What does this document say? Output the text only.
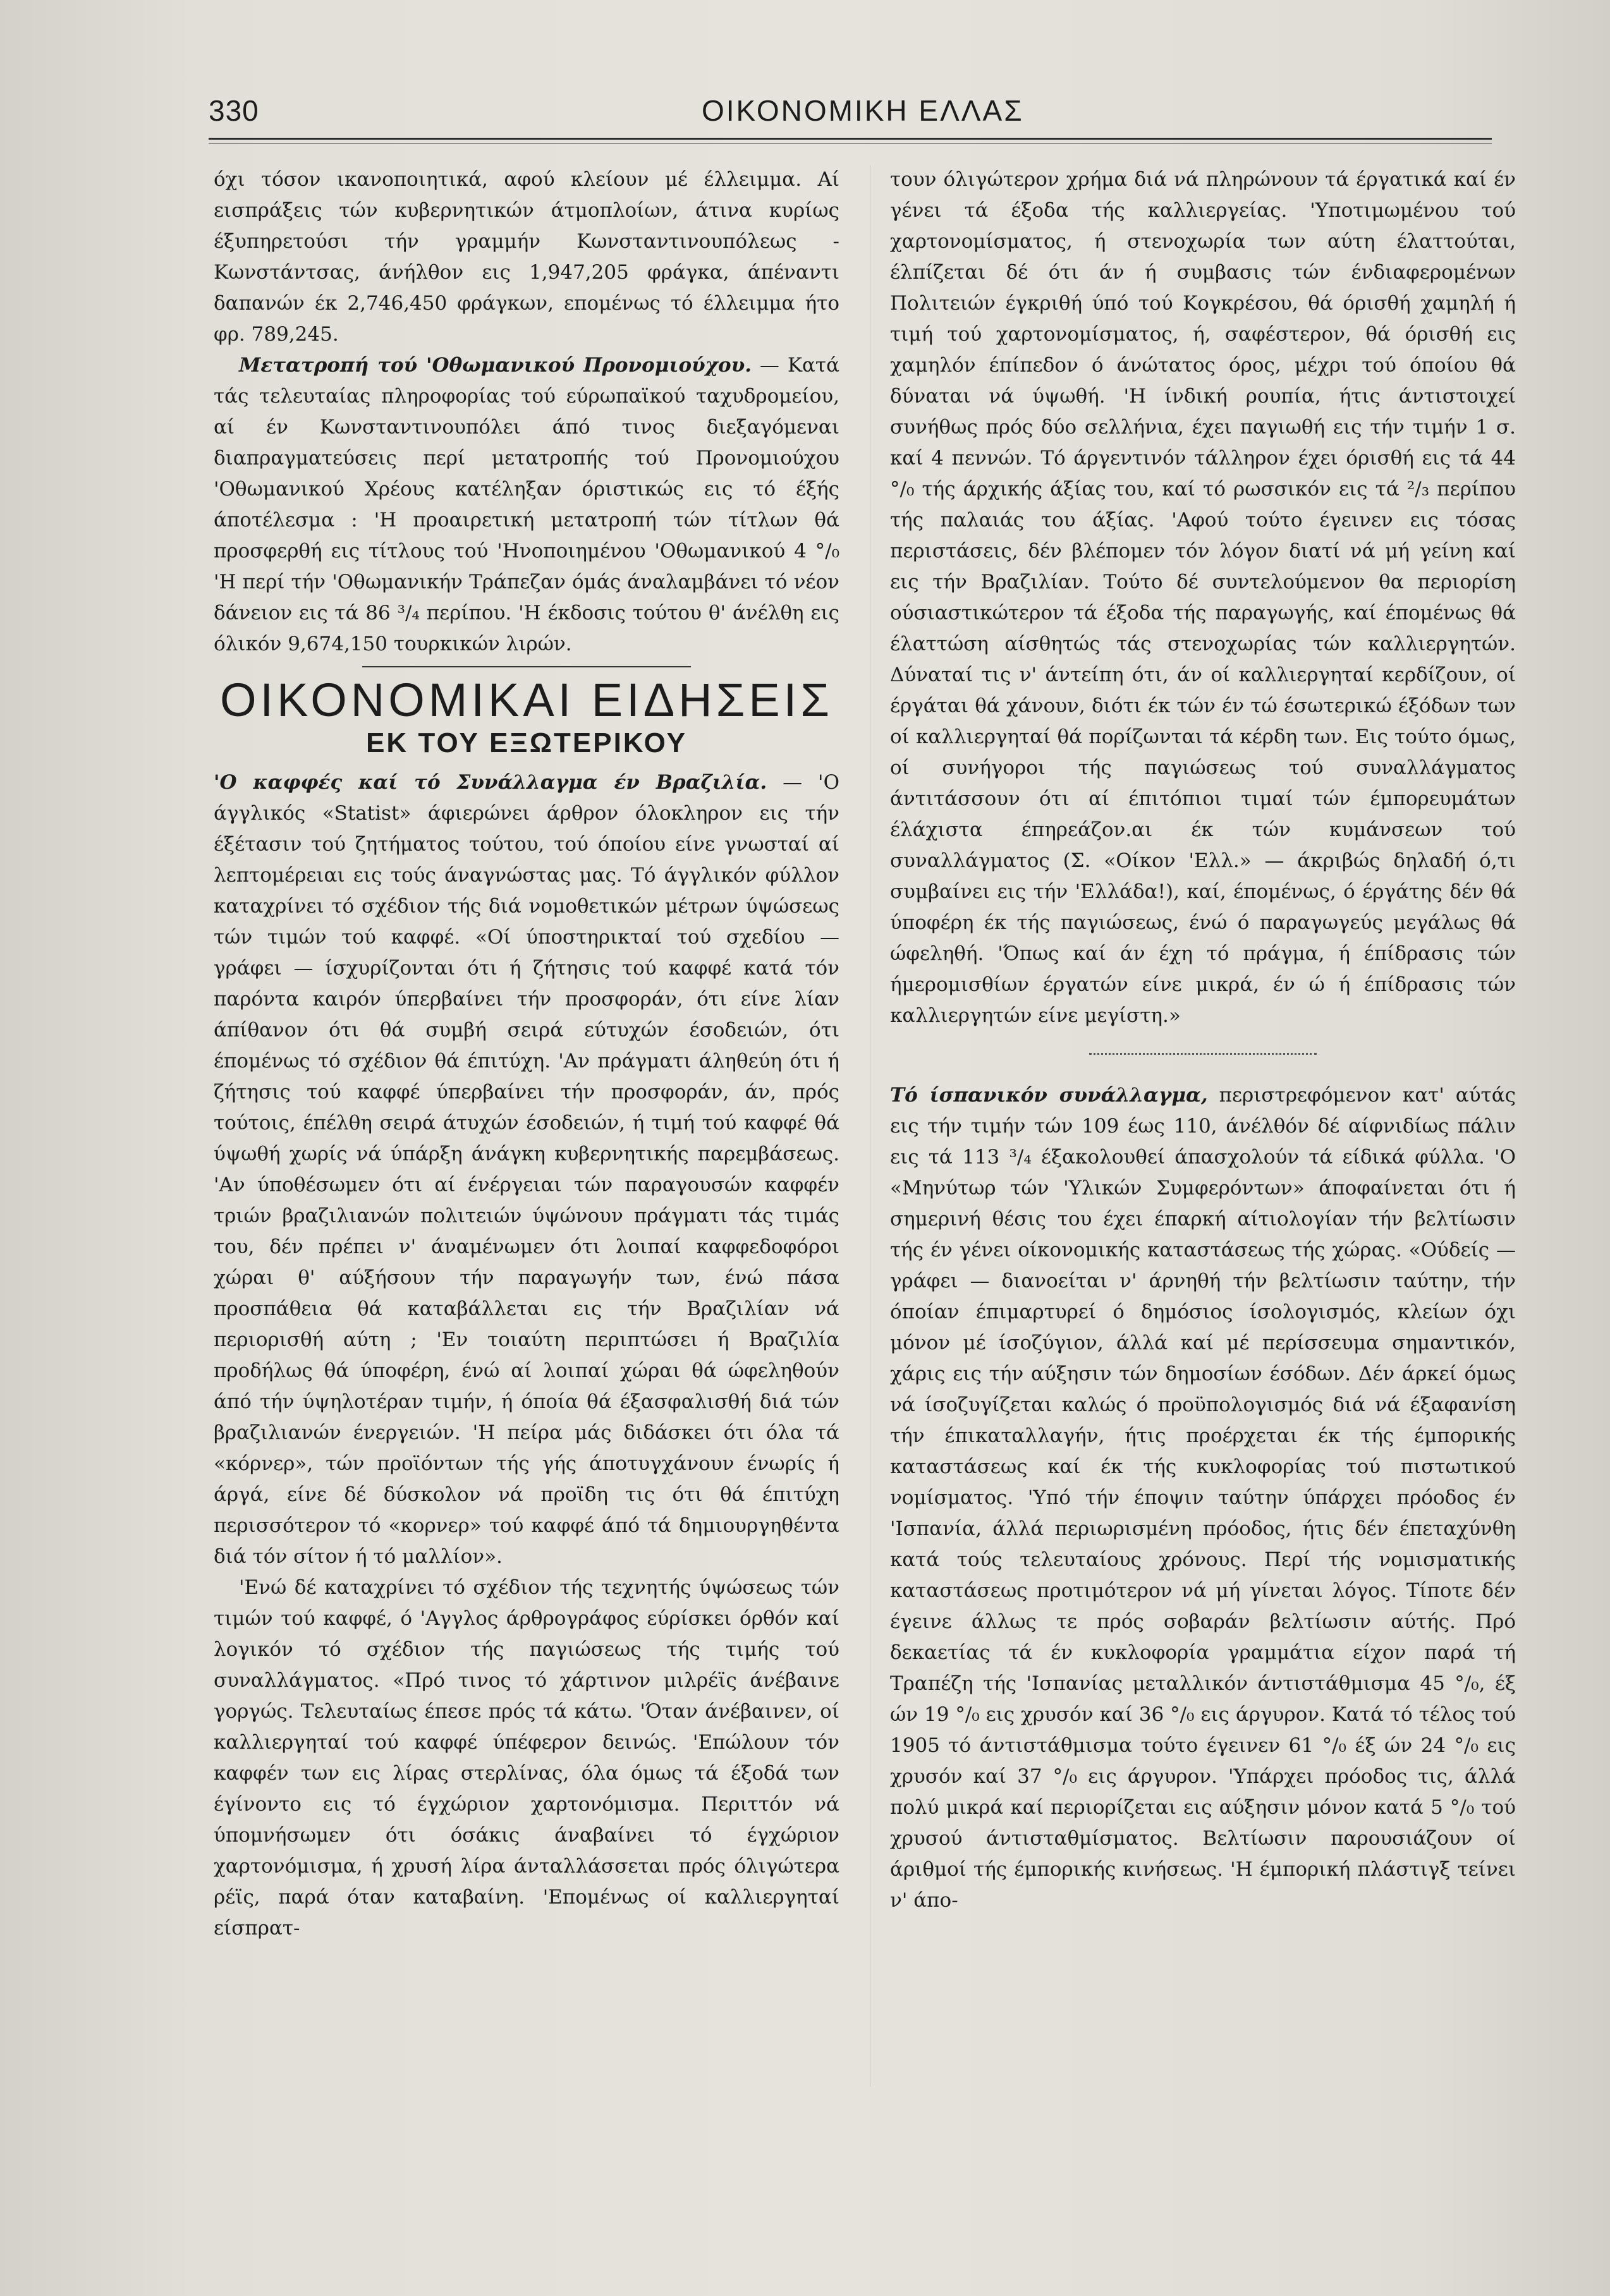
330	ΟΙΚΟΝΟΜΙΚΗ ΕΛΛΑΣ

όχι τόσον ικανοποιητικά, αφού κλείουν μέ έλλειμμα. Αί εισπράξεις τών κυβερνητικών άτμοπλοίων, άτινα κυρίως έξυπηρετούσι τήν γραμμήν Κωνσταντινουπόλεως - Κωνστάντσας, άνήλθον εις 1,947,205 φράγκα, άπέναντι δαπανών έκ 2,746,450 φράγκων, επομένως τό έλλειμμα ήτο φρ. 789,245.

Μετατροπή τού 'Οθωμανικού Προνομιούχου. — Κατά τάς τελευταίας πληροφορίας τού εύρωπαϊκού ταχυδρομείου, αί έν Κωνσταντινουπόλει άπό τινος διεξαγόμεναι διαπραγματεύσεις περί μετατροπής τού Προνομιούχου 'Οθωμανικού Χρέους κατέληξαν όριστικώς εις τό έξής άποτέλεσμα : 'Η προαιρετική μετατροπή τών τίτλων θά προσφερθή εις τίτλους τού 'Ηνοποιημένου 'Οθωμανικού 4 °/₀ 'Η περί τήν 'Οθωμανικήν Τράπεζαν όμάς άναλαμβάνει τό νέον δάνειον εις τά 86 ³/₄ περίπου. 'Η έκδοσις τούτου θ' άνέλθη εις όλικόν 9,674,150 τουρκικών λιρών.

ΟΙΚΟΝΟΜΙΚΑΙ ΕΙΔΗΣΕΙΣ
ΕΚ ΤΟΥ ΕΞΩΤΕΡΙΚΟΥ

'Ο καφφές καί τό Συνάλλαγμα έν Βραζιλία. — 'Ο άγγλικός «Statist» άφιερώνει άρθρον όλοκληρον εις τήν έξέτασιν τού ζητήματος τούτου, τού όποίου είνε γνωσταί αί λεπτομέρειαι εις τούς άναγνώστας μας. Τό άγγλικόν φύλλον καταχρίνει τό σχέδιον τής διά νομοθετικών μέτρων ύψώσεως τών τιμών τού καφφέ. «Οί ύποστηρικταί τού σχεδίου — γράφει — ίσχυρίζονται ότι ή ζήτησις τού καφφέ κατά τόν παρόντα καιρόν ύπερβαίνει τήν προσφοράν, ότι είνε λίαν άπίθανον ότι θά συμβή σειρά εύτυχών έσοδειών, ότι έπομένως τό σχέδιον θά έπιτύχη. 'Αν πράγματι άληθεύη ότι ή ζήτησις τού καφφέ ύπερβαίνει τήν προσφοράν, άν, πρός τούτοις, έπέλθη σειρά άτυχών έσοδειών, ή τιμή τού καφφέ θά ύψωθή χωρίς νά ύπάρξη άνάγκη κυβερνητικής παρεμβάσεως. 'Αν ύποθέσωμεν ότι αί ένέργειαι τών παραγουσών καφφέν τριών βραζιλιανών πολιτειών ύψώνουν πράγματι τάς τιμάς του, δέν πρέπει ν' άναμένωμεν ότι λοιπαί καφφεδοφόροι χώραι θ' αύξήσουν τήν παραγωγήν των, ένώ πάσα προσπάθεια θά καταβάλλεται εις τήν Βραζιλίαν νά περιορισθή αύτη ; 'Εν τοιαύτη περιπτώσει ή Βραζιλία προδήλως θά ύποφέρη, ένώ αί λοιπαί χώραι θά ώφεληθούν άπό τήν ύψηλοτέραν τιμήν, ή όποία θά έξασφαλισθή διά τών βραζιλιανών ένεργειών. 'Η πείρα μάς διδάσκει ότι όλα τά «κόρνερ», τών προϊόντων τής γής άποτυγχάνουν ένωρίς ή άργά, είνε δέ δύσκολον νά προϊδη τις ότι θά έπιτύχη περισσότερον τό «κορνερ» τού καφφέ άπό τά δημιουργηθέντα διά τόν σίτον ή τό μαλλίον».

'Ενώ δέ καταχρίνει τό σχέδιον τής τεχνητής ύψώσεως τών τιμών τού καφφέ, ό 'Αγγλος άρθρογράφος εύρίσκει όρθόν καί λογικόν τό σχέδιον τής παγιώσεως τής τιμής τού συναλλάγματος. «Πρό τινος τό χάρτινον μιλρέϊς άνέβαινε γοργώς. Τελευταίως έπεσε πρός τά κάτω. 'Όταν άνέβαινεν, οί καλλιεργηταί τού καφφέ ύπέφερον δεινώς. 'Επώλουν τόν καφφέν των εις λίρας στερλίνας, όλα όμως τά έξοδά των έγίνοντο εις τό έγχώριον χαρτονόμισμα. Περιττόν νά ύπομνήσωμεν ότι όσάκις άναβαίνει τό έγχώριον χαρτονόμισμα, ή χρυσή λίρα άνταλλάσσεται πρός όλιγώτερα ρέϊς, παρά όταν καταβαίνη. 'Επομένως οί καλλιεργηταί είσπρατ-

τουν όλιγώτερον χρήμα διά νά πληρώνουν τά έργατικά καί έν γένει τά έξοδα τής καλλιεργείας. 'Υποτιμωμένου τού χαρτονομίσματος, ή στενοχωρία των αύτη έλαττούται, έλπίζεται δέ ότι άν ή συμβασις τών ένδιαφερομένων Πολιτειών έγκριθή ύπό τού Κογκρέσου, θά όρισθή χαμηλή ή τιμή τού χαρτονομίσματος, ή, σαφέστερον, θά όρισθή εις χαμηλόν έπίπεδον ό άνώτατος όρος, μέχρι τού όποίου θά δύναται νά ύψωθή. 'Η ίνδική ρουπία, ήτις άντιστοιχεί συνήθως πρός δύο σελλήνια, έχει παγιωθή εις τήν τιμήν 1 σ. καί 4 πεννών. Τό άργεντινόν τάλληρον έχει όρισθή εις τά 44 °/₀ τής άρχικής άξίας του, καί τό ρωσσικόν εις τά ²/₃ περίπου τής παλαιάς του άξίας. 'Αφού τούτο έγεινεν εις τόσας περιστάσεις, δέν βλέπομεν τόν λόγον διατί νά μή γείνη καί εις τήν Βραζιλίαν. Τούτο δέ συντελούμενον θα περιορίση ούσιαστικώτερον τά έξοδα τής παραγωγής, καί έπομένως θά έλαττώση αίσθητώς τάς στενοχωρίας τών καλλιεργητών. Δύναταί τις ν' άντείπη ότι, άν οί καλλιεργηταί κερδίζουν, οί έργάται θά χάνουν, διότι έκ τών έν τώ έσωτερικώ έξόδων των οί καλλιεργηταί θά πορίζωνται τά κέρδη των. Εις τούτο όμως, οί συνήγοροι τής παγιώσεως τού συναλλάγματος άντιτάσσουν ότι αί έπιτόπιοι τιμαί τών έμπορευμάτων έλάχιστα έπηρεάζον.αι έκ τών κυμάνσεων τού συναλλάγματος (Σ. «Οίκον 'Ελλ.» — άκριβώς δηλαδή ό,τι συμβαίνει εις τήν 'Ελλάδα!), καί, έπομένως, ό έργάτης δέν θά ύποφέρη έκ τής παγιώσεως, ένώ ό παραγωγεύς μεγάλως θά ώφεληθή. 'Όπως καί άν έχη τό πράγμα, ή έπίδρασις τών ήμερομισθίων έργατών είνε μικρά, έν ώ ή έπίδρασις τών καλλιεργητών είνε μεγίστη.»

Τό ίσπανικόν συνάλλαγμα, περιστρεφόμενον κατ' αύτάς εις τήν τιμήν τών 109 έως 110, άνέλθόν δέ αίφνιδίως πάλιν εις τά 113 ³/₄ έξακολουθεί άπασχολούν τά είδικά φύλλα. 'Ο «Μηνύτωρ τών 'Υλικών Συμφερόντων» άποφαίνεται ότι ή σημερινή θέσις του έχει έπαρκή αίτιολογίαν τήν βελτίωσιν τής έν γένει οίκονομικής καταστάσεως τής χώρας. «Ούδείς — γράφει — διανοείται ν' άρνηθή τήν βελτίωσιν ταύτην, τήν όποίαν έπιμαρτυρεί ό δημόσιος ίσολογισμός, κλείων όχι μόνον μέ ίσοζύγιον, άλλά καί μέ περίσσευμα σημαντικόν, χάρις εις τήν αύξησιν τών δημοσίων έσόδων. Δέν άρκεί όμως νά ίσοζυγίζεται καλώς ό προϋπολογισμός διά νά έξαφανίση τήν έπικαταλλαγήν, ήτις προέρχεται έκ τής έμπορικής καταστάσεως καί έκ τής κυκλοφορίας τού πιστωτικού νομίσματος. 'Υπό τήν έποψιν ταύτην ύπάρχει πρόοδος έν 'Ισπανία, άλλά περιωρισμένη πρόοδος, ήτις δέν έπεταχύνθη κατά τούς τελευταίους χρόνους. Περί τής νομισματικής καταστάσεως προτιμότερον νά μή γίνεται λόγος. Τίποτε δέν έγεινε άλλως τε πρός σοβαράν βελτίωσιν αύτής. Πρό δεκαετίας τά έν κυκλοφορία γραμμάτια είχον παρά τή Τραπέζη τής 'Ισπανίας μεταλλικόν άντιστάθμισμα 45 °/₀, έξ ών 19 °/₀ εις χρυσόν καί 36 °/₀ εις άργυρον. Κατά τό τέλος τού 1905 τό άντιστάθμισμα τούτο έγεινεν 61 °/₀ έξ ών 24 °/₀ εις χρυσόν καί 37 °/₀ εις άργυρον. 'Υπάρχει πρόοδος τις, άλλά πολύ μικρά καί περιορίζεται εις αύξησιν μόνον κατά 5 °/₀ τού χρυσού άντισταθμίσματος. Βελτίωσιν παρουσιάζουν οί άριθμοί τής έμπορικής κινήσεως. 'Η έμπορική πλάστιγξ τείνει ν' άπο-
